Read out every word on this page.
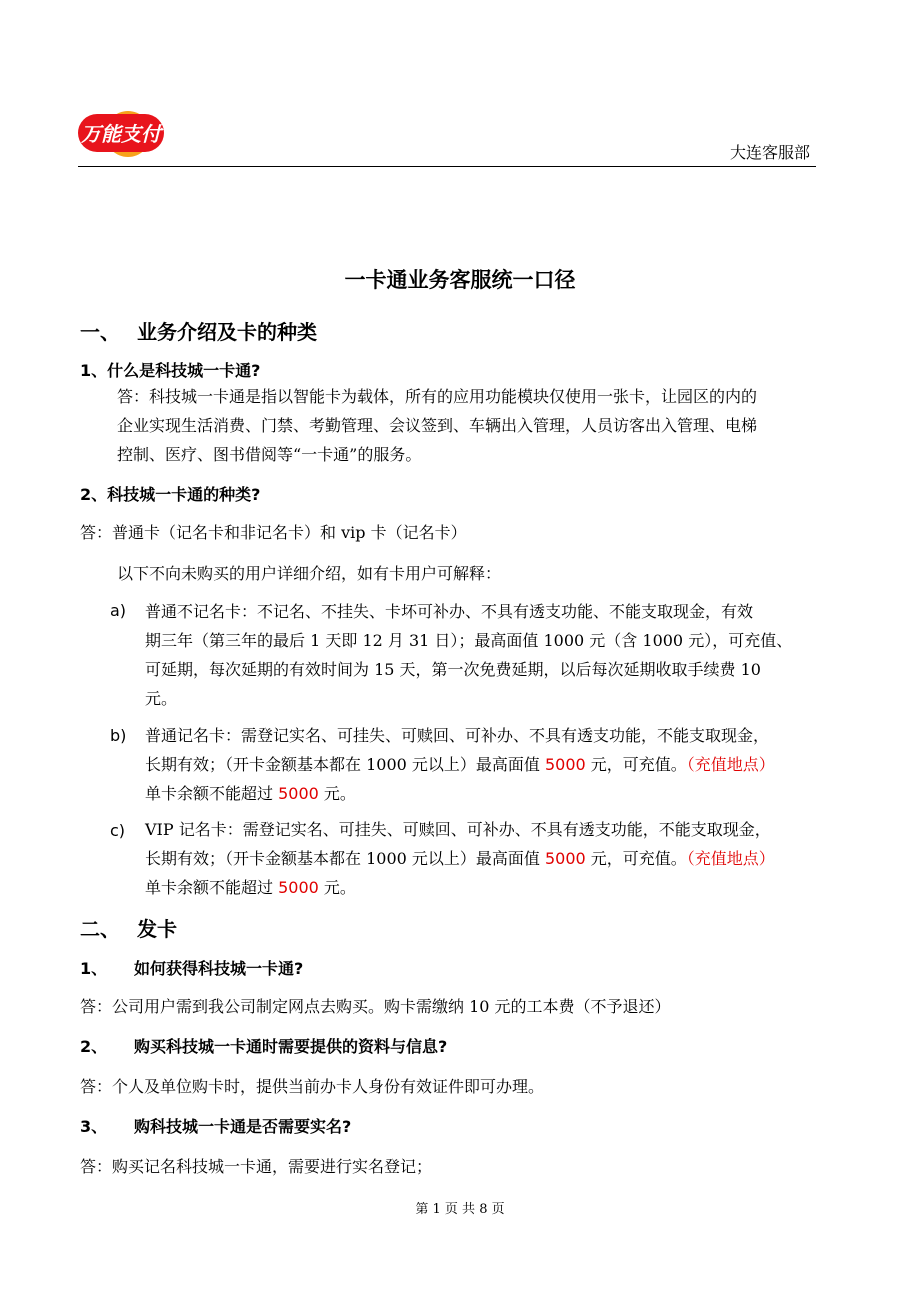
万能支付
大连客服部
一卡通业务客服统一口径
一、 业务介绍及卡的种类
1、什么是科技城一卡通?
答：科技城一卡通是指以智能卡为载体，所有的应用功能模块仅使用一张卡，让园区的内的
企业实现生活消费、门禁、考勤管理、会议签到、车辆出入管理，人员访客出入管理、电梯
控制、医疗、图书借阅等“一卡通”的服务。
2、科技城一卡通的种类?
答：普通卡（记名卡和非记名卡）和 vip 卡（记名卡）
以下不向未购买的用户详细介绍，如有卡用户可解释：
a) 普通不记名卡：不记名、不挂失、卡坏可补办、不具有透支功能、不能支取现金，有效
期三年（第三年的最后 1 天即 12 月 31 日）；最高面值 1000 元（含 1000 元），可充值、
可延期，每次延期的有效时间为 15 天，第一次免费延期，以后每次延期收取手续费 10
元。
b) 普通记名卡：需登记实名、可挂失、可赎回、可补办、不具有透支功能，不能支取现金，
长期有效；（开卡金额基本都在 1000 元以上）最高面值 5000 元，可充值。（充值地点）
单卡余额不能超过 5000 元。
c) VIP 记名卡：需登记实名、可挂失、可赎回、可补办、不具有透支功能，不能支取现金，
长期有效；（开卡金额基本都在 1000 元以上）最高面值 5000 元，可充值。（充值地点）
单卡余额不能超过 5000 元。
二、 发卡
1、 如何获得科技城一卡通?
答：公司用户需到我公司制定网点去购买。购卡需缴纳 10 元的工本费（不予退还）
2、 购买科技城一卡通时需要提供的资料与信息?
答：个人及单位购卡时，提供当前办卡人身份有效证件即可办理。
3、 购科技城一卡通是否需要实名?
答：购买记名科技城一卡通，需要进行实名登记；
第 1 页 共 8 页
